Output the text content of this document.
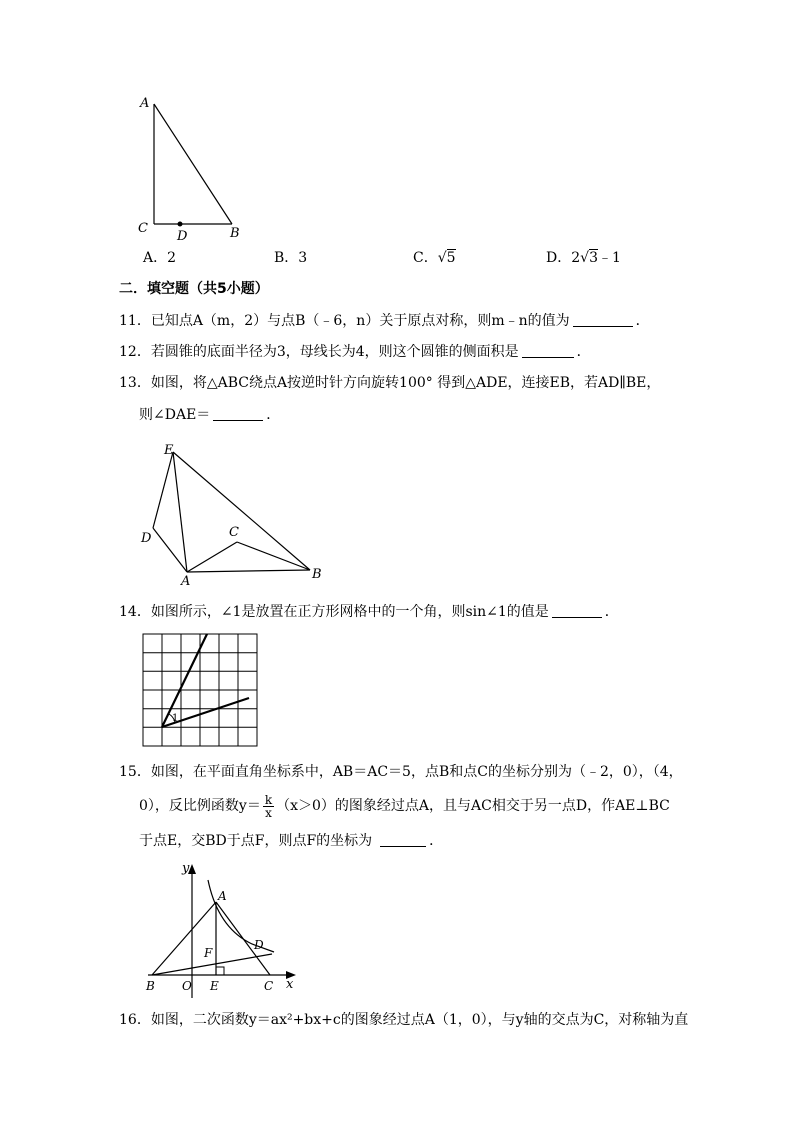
A
C
D	B
A．2	B．3	C．√5	D．2√3﹣1
二．填空题（共5小题）
11．已知点A（m，2）与点B（﹣6，n）关于原点对称，则m﹣n的值为	．
12．若圆锥的底面半径为3，母线长为4，则这个圆锥的侧面积是	．
13．如图，将△ABC绕点A按逆时针方向旋转100° 得到△ADE，连接EB，若AD∥BE，
则∠DAE＝	．
E
D	C
A	B
14．如图所示，∠1是放置在正方形网格中的一个角，则sin∠1的值是	．
1
15．如图，在平面直角坐标系中，AB＝AC＝5，点B和点C的坐标分别为（﹣2，0），（4，
0），反比例函数$y= \frac{k}{x} (x>0)$的图象经过点A，且与AC相交于另一点D，作AE⊥BC
于点E，交BD于点F，则点F的坐标为	．
y
x
A
D
F
B O E	C
16．如图，二次函数y＝ax²+bx+c的图象经过点A（1，0），与y轴的交点为C，对称轴为直
